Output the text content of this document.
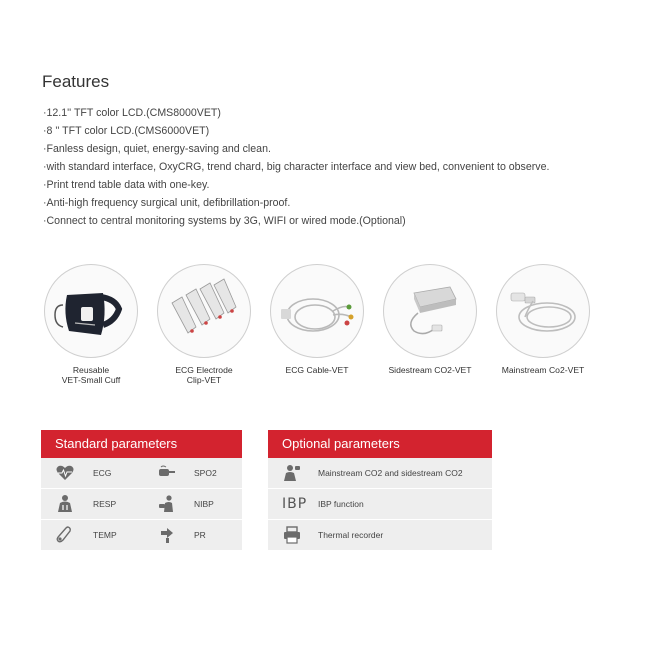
Features
·12.1'' TFT color LCD.(CMS8000VET)
·8 '' TFT color LCD.(CMS6000VET)
·Fanless design, quiet, energy-saving and clean.
·with standard interface, OxyCRG, trend chard, big character interface and view bed, convenient to observe.
·Print trend table data with one-key.
·Anti-high frequency surgical unit, defibrillation-proof.
·Connect to central monitoring systems by 3G, WIFI or wired mode.(Optional)
Reusable
VET-Small Cuff
ECG Electrode
Clip-VET
ECG Cable-VET	Sidestream CO2-VET	Mainstream Co2-VET

Standard parameters
ECG	SPO2
RESP	NIBP
TEMP	PR
Optional parameters
Mainstream CO2 and sidestream CO2
IBP IBP function
Thermal recorder
